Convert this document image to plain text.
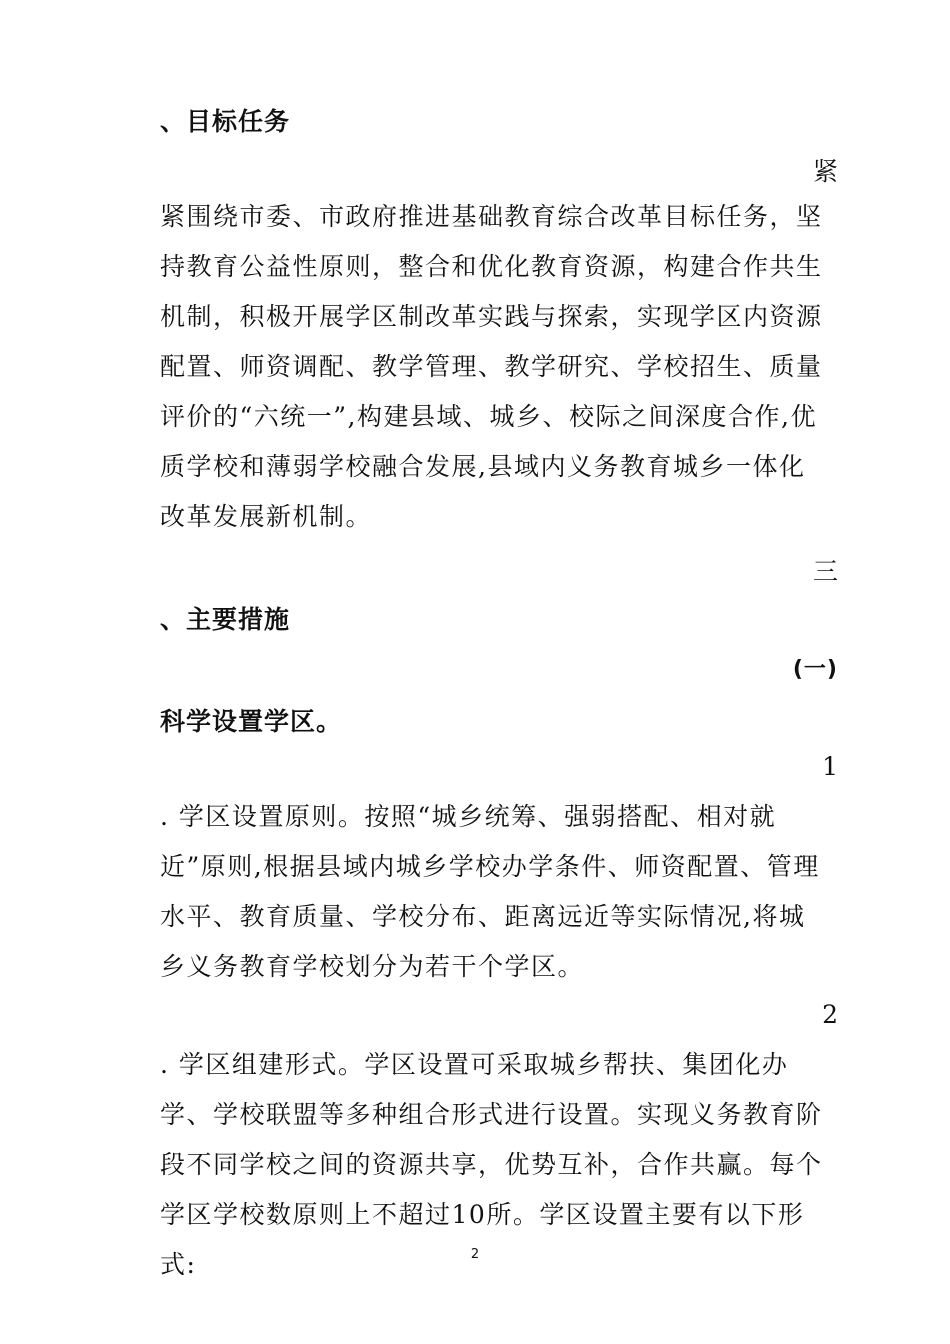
、目标任务
紧
紧围绕市委、市政府推进基础教育综合改革目标任务，坚持教育公益性原则，整合和优化教育资源，构建合作共生机制，积极开展学区制改革实践与探索，实现学区内资源配置、师资调配、教学管理、教学研究、学校招生、质量评价的“六统一”,构建县域、城乡、校际之间深度合作,优质学校和薄弱学校融合发展,县域内义务教育城乡一体化改革发展新机制。
三
、主要措施
(一)
科学设置学区。
1
. 学区设置原则。按照“城乡统筹、强弱搭配、相对就近”原则,根据县域内城乡学校办学条件、师资配置、管理水平、教育质量、学校分布、距离远近等实际情况,将城乡义务教育学校划分为若干个学区。
2
. 学区组建形式。学区设置可采取城乡帮扶、集团化办学、学校联盟等多种组合形式进行设置。实现义务教育阶段不同学校之间的资源共享，优势互补，合作共赢。每个学区学校数原则上不超过10所。学区设置主要有以下形式:	2
